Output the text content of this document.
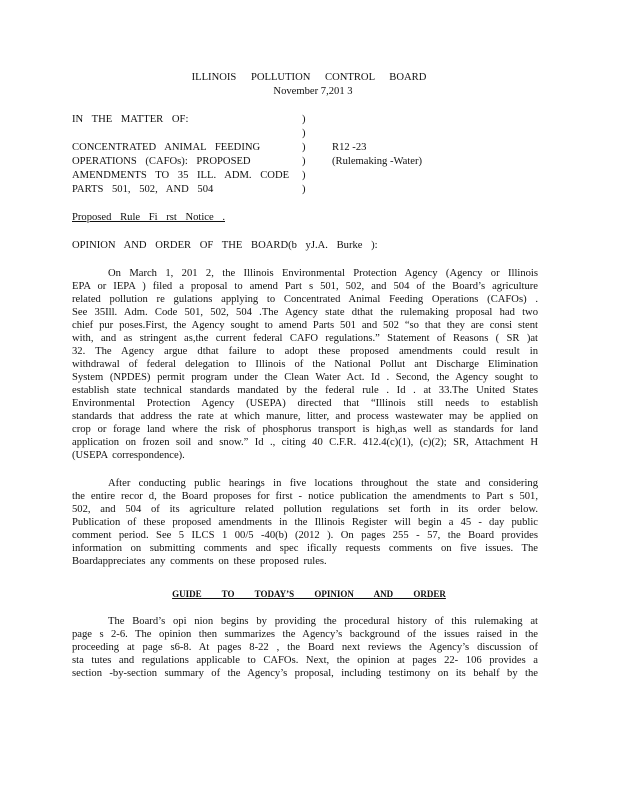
ILLINOIS POLLUTION CONTROL BOARD
November 7,201 3
IN THE MATTER OF:	)
)
)
)
)
)
CONCENTRATED ANIMAL FEEDING
OPERATIONS (CAFOs): PROPOSED
AMENDMENTS TO 35 ILL. ADM. CODE
PARTS 501, 502, AND 504
R12 -23
(Rulemaking -Water)
Proposed Rule Fi rst Notice .
OPINION AND ORDER OF THE BOARD(b yJ.A. Burke ):
On March 1, 201 2, the Illinois Environmental Protection Agency (Agency or Illinois
EPA or IEPA ) filed a proposal to amend Part s 501, 502, and 504 of the Board’s agriculture
related pollution re gulations applying to Concentrated Animal Feeding Operations (CAFOs) .
See 35Ill. Adm. Code 501, 502, 504 .The Agency state dthat the rulemaking proposal had two
chief pur poses.First, the Agency sought to amend Parts 501 and 502 “so that they are consi stent
with, and as stringent as,the current federal CAFO regulations.” Statement of Reasons ( SR )at
32. The Agency argue dthat failure to adopt these proposed amendments could result in
withdrawal of federal delegation to Illinois of the National Pollut ant Discharge Elimination
System (NPDES) permit program under the Clean Water Act. Id . Second, the Agency sought to
establish state technical standards mandated by the federal rule . Id . at 33.The United States
Environmental Protection Agency (USEPA) directed that “Illinois still needs to establish
standards that address the rate at which manure, litter, and process wastewater may be applied on
crop or forage land where the risk of phosphorus transport is high,as well as standards for land
application on frozen soil and snow.” Id ., citing 40 C.F.R. 412.4(c)(1), (c)(2); SR, Attachment H
(USEPA correspondence).
After conducting public hearings in five locations throughout the state and considering
the entire recor d, the Board proposes for first - notice publication the amendments to Part s 501,
502, and 504 of its agriculture related pollution regulations set forth in its order below.
Publication of these proposed amendments in the Illinois Register will begin a 45 - day public
comment period. See 5 ILCS 1 00/5 -40(b) (2012 ). On pages 255 - 57, the Board provides
information on submitting comments and spec ifically requests comments on five issues. The
Boardappreciates any comments on these proposed rules.
GUIDE TO TODAY’S OPINION AND ORDER
The Board’s opi nion begins by providing the procedural history of this rulemaking at
page s 2-6. The opinion then summarizes the Agency’s background of the issues raised in the
proceeding at page s6-8. At pages 8-22 , the Board next reviews the Agency’s discussion of
sta tutes and regulations applicable to CAFOs. Next, the opinion at pages 22- 106 provides a
section -by-section summary of the Agency’s proposal, including testimony on its behalf by the
